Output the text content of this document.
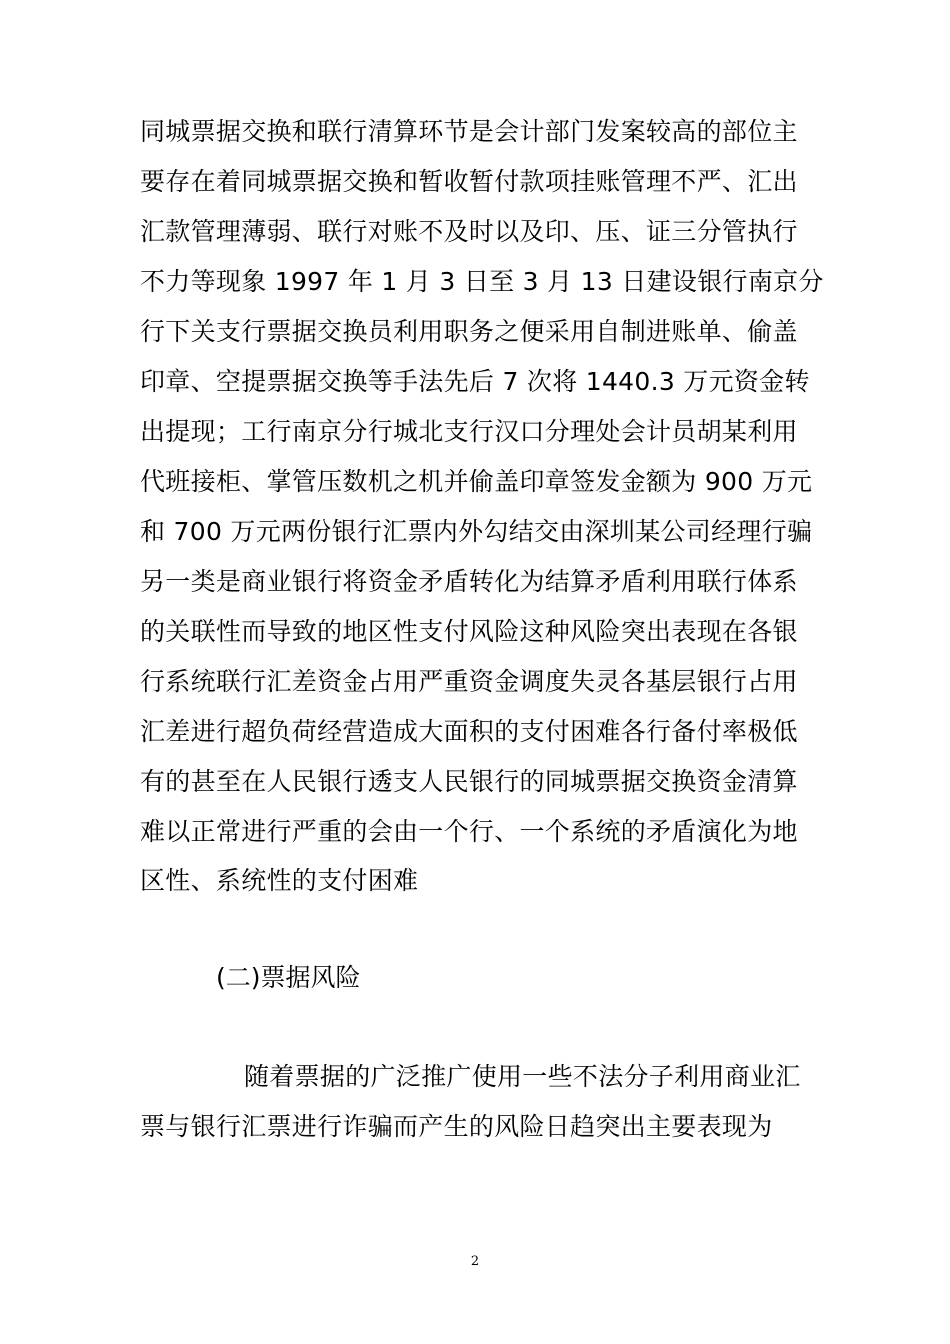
同城票据交换和联行清算环节是会计部门发案较高的部位主
要存在着同城票据交换和暂收暂付款项挂账管理不严、汇出
汇款管理薄弱、联行对账不及时以及印、压、证三分管执行
不力等现象 1997 年 1 月 3 日至 3 月 13 日建设银行南京分
行下关支行票据交换员利用职务之便采用自制进账单、偷盖
印章、空提票据交换等手法先后 7 次将 1440.3 万元资金转
出提现；工行南京分行城北支行汉口分理处会计员胡某利用
代班接柜、掌管压数机之机并偷盖印章签发金额为 900 万元
和 700 万元两份银行汇票内外勾结交由深圳某公司经理行骗
另一类是商业银行将资金矛盾转化为结算矛盾利用联行体系
的关联性而导致的地区性支付风险这种风险突出表现在各银
行系统联行汇差资金占用严重资金调度失灵各基层银行占用
汇差进行超负荷经营造成大面积的支付困难各行备付率极低
有的甚至在人民银行透支人民银行的同城票据交换资金清算
难以正常进行严重的会由一个行、一个系统的矛盾演化为地
区性、系统性的支付困难
(二)票据风险
随着票据的广泛推广使用一些不法分子利用商业汇
票与银行汇票进行诈骗而产生的风险日趋突出主要表现为
2
